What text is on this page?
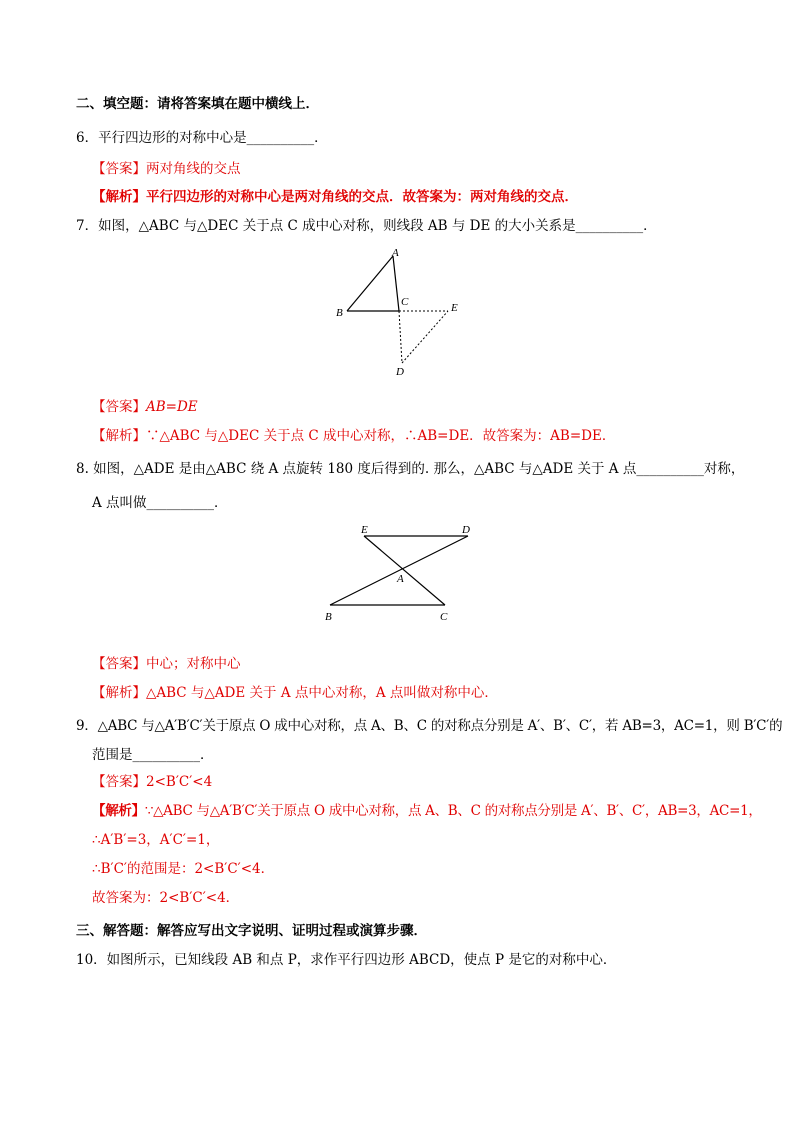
二、填空题：请将答案填在题中横线上．
6．平行四边形的对称中心是__________．
【答案】两对角线的交点
【解析】平行四边形的对称中心是两对角线的交点．故答案为：两对角线的交点．
7．如图，△ABC 与△DEC 关于点 C 成中心对称，则线段 AB 与 DE 的大小关系是__________．
A
B
C	E
D
【答案】AB=DE
【解析】∵△ABC 与△DEC 关于点 C 成中心对称，∴AB=DE．故答案为：AB=DE．
8. 如图，△ADE 是由△ABC 绕 A 点旋转 180 度后得到的. 那么，△ABC 与△ADE 关于 A 点__________对称，
A 点叫做__________．
E	D
A
B	C
【答案】中心；对称中心
【解析】△ABC 与△ADE 关于 A 点中心对称，A 点叫做对称中心．
9．△ABC 与△A′B′C′关于原点 O 成中心对称，点 A、B、C 的对称点分别是 A′、B′、C′，若 AB=3，AC=1，则 B′C′的
范围是__________．
【答案】2<B′C′<4
【解析】∵△ABC 与△A′B′C′关于原点 O 成中心对称，点 A、B、C 的对称点分别是 A′、B′、C′，AB=3，AC=1，
∴A′B′=3，A′C′=1，
∴B′C′的范围是：2<B′C′<4．
故答案为：2<B′C′<4．
三、解答题：解答应写出文字说明、证明过程或演算步骤．
10．如图所示，已知线段 AB 和点 P，求作平行四边形 ABCD，使点 P 是它的对称中心．
